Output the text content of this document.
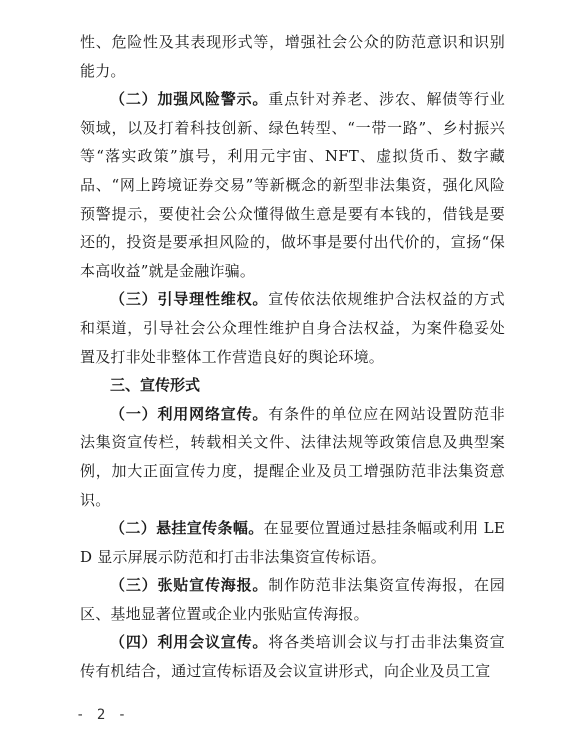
性、危险性及其表现形式等，增强社会公众的防范意识和识别能力。

（二）加强风险警示。重点针对养老、涉农、解债等行业领域，以及打着科技创新、绿色转型、“一带一路”、乡村振兴等“落实政策”旗号，利用元宇宙、NFT、虚拟货币、数字藏品、“网上跨境证券交易”等新概念的新型非法集资，强化风险预警提示，要使社会公众懂得做生意是要有本钱的，借钱是要还的，投资是要承担风险的，做坏事是要付出代价的，宣扬“保本高收益”就是金融诈骗。

（三）引导理性维权。宣传依法依规维护合法权益的方式和渠道，引导社会公众理性维护自身合法权益，为案件稳妥处置及打非处非整体工作营造良好的舆论环境。

三、宣传形式

（一）利用网络宣传。有条件的单位应在网站设置防范非法集资宣传栏，转载相关文件、法律法规等政策信息及典型案例，加大正面宣传力度，提醒企业及员工增强防范非法集资意识。

（二）悬挂宣传条幅。在显要位置通过悬挂条幅或利用 LED 显示屏展示防范和打击非法集资宣传标语。

（三）张贴宣传海报。制作防范非法集资宣传海报，在园区、基地显著位置或企业内张贴宣传海报。

（四）利用会议宣传。将各类培训会议与打击非法集资宣传有机结合，通过宣传标语及会议宣讲形式，向企业及员工宣

- 2 -
